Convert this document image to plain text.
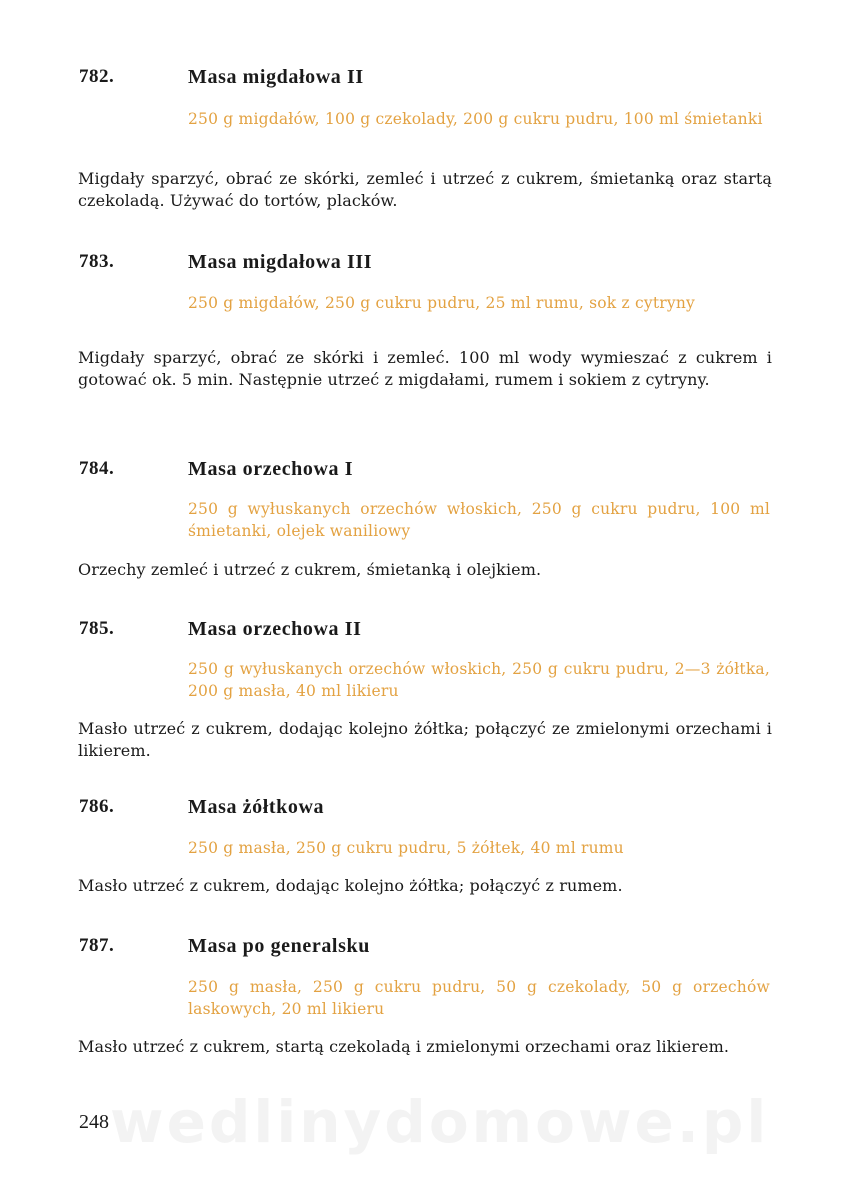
wedlinydomowe.pl
782.	Masa migdałowa II
250 g migdałów, 100 g czekolady, 200 g cukru pudru, 100 ml śmietanki
Migdały sparzyć, obrać ze skórki, zemleć i utrzeć z cukrem, śmietanką oraz startą czekoladą. Używać do tortów, placków.
783.	Masa migdałowa III
250 g migdałów, 250 g cukru pudru, 25 ml rumu, sok z cytryny
Migdały sparzyć, obrać ze skórki i zemleć. 100 ml wody wymieszać z cukrem i gotować ok. 5 min. Następnie utrzeć z migdałami, rumem i sokiem z cytryny.
784.	Masa orzechowa I
250 g wyłuskanych orzechów włoskich, 250 g cukru pudru, 100 ml śmietanki, olejek waniliowy
Orzechy zemleć i utrzeć z cukrem, śmietanką i olejkiem.
785.	Masa orzechowa II
250 g wyłuskanych orzechów włoskich, 250 g cukru pudru, 2—3 żółtka, 200 g masła, 40 ml likieru
Masło utrzeć z cukrem, dodając kolejno żółtka; połączyć ze zmielonymi orzechami i likierem.
786.	Masa żółtkowa
250 g masła, 250 g cukru pudru, 5 żółtek, 40 ml rumu
Masło utrzeć z cukrem, dodając kolejno żółtka; połączyć z rumem.
787.	Masa po generalsku
250 g masła, 250 g cukru pudru, 50 g czekolady, 50 g orzechów laskowych, 20 ml likieru
Masło utrzeć z cukrem, startą czekoladą i zmielonymi orzechami oraz likierem.
248
